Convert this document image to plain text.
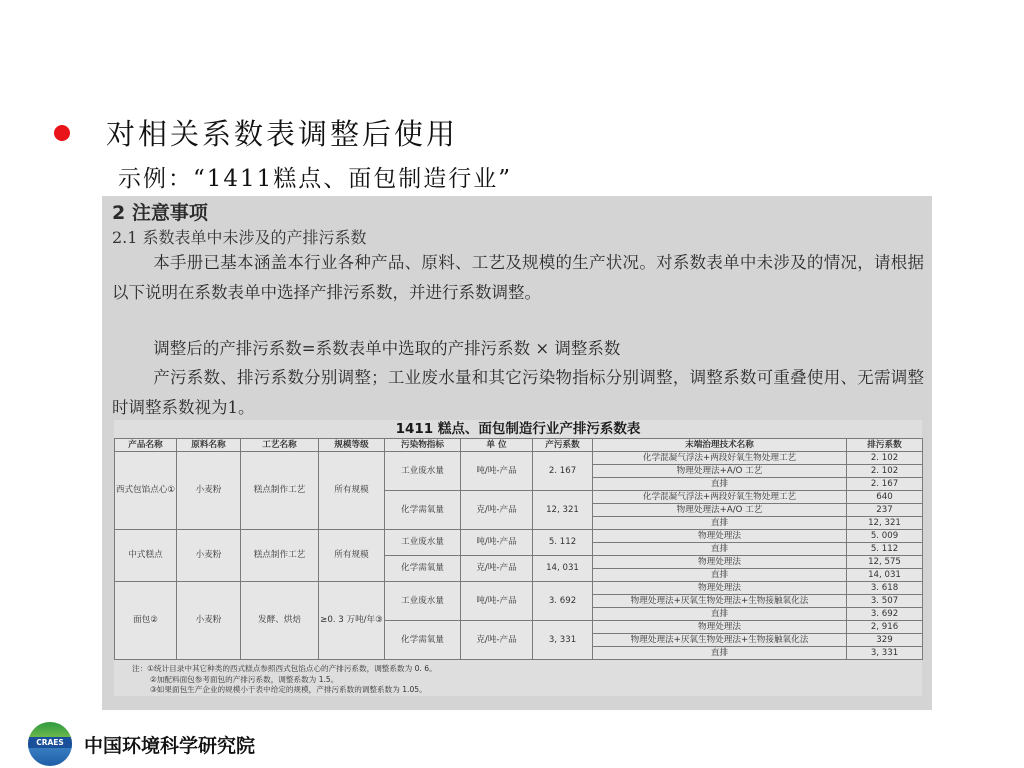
对相关系数表调整后使用
示例：“1411糕点、面包制造行业”
2 注意事项
2.1 系数表单中未涉及的产排污系数
本手册已基本涵盖本行业各种产品、原料、工艺及规模的生产状况。对系数表单中未涉及的情况，请根据以下说明在系数表单中选择产排污系数，并进行系数调整。
调整后的产排污系数=系数表单中选取的产排污系数 × 调整系数
产污系数、排污系数分别调整；工业废水量和其它污染物指标分别调整，调整系数可重叠使用、无需调整时调整系数视为1。
1411 糕点、面包制造行业产排污系数表
产品名称	原料名称	工艺名称	规模等级	污染物指标	单 位	产污系数	末端治理技术名称	排污系数
西式包馅点心①	小麦粉	糕点制作工艺	所有规模	工业废水量	吨/吨-产品	2. 167	化学混凝气浮法+两段好氧生物处理工艺	2. 102
							物理处理法+A/O 工艺	2. 102
							直排	2. 167
				化学需氧量	克/吨-产品	12, 321	化学混凝气浮法+两段好氧生物处理工艺	640
							物理处理法+A/O 工艺	237
							直排	12, 321
中式糕点	小麦粉	糕点制作工艺	所有规模	工业废水量	吨/吨-产品	5. 112	物理处理法	5. 009
							直排	5. 112
				化学需氧量	克/吨-产品	14, 031	物理处理法	12, 575
							直排	14, 031
面包②	小麦粉	发酵、烘焙	≥0. 3 万吨/年③	工业废水量	吨/吨-产品	3. 692	物理处理法	3. 618
							物理处理法+厌氧生物处理法+生物接触氧化法	3. 507
							直排	3. 692
				化学需氧量	克/吨-产品	3, 331	物理处理法	2, 916
							物理处理法+厌氧生物处理法+生物接触氧化法	329
							直排	3, 331
注：①统计目录中其它种类的西式糕点参照西式包馅点心的产排污系数，调整系数为 0. 6。
②加配料面包参考面包的产排污系数，调整系数为 1.5。
③如果面包生产企业的规模小于表中给定的规模，产排污系数的调整系数为 1.05。
CRAES	中国环境科学研究院
